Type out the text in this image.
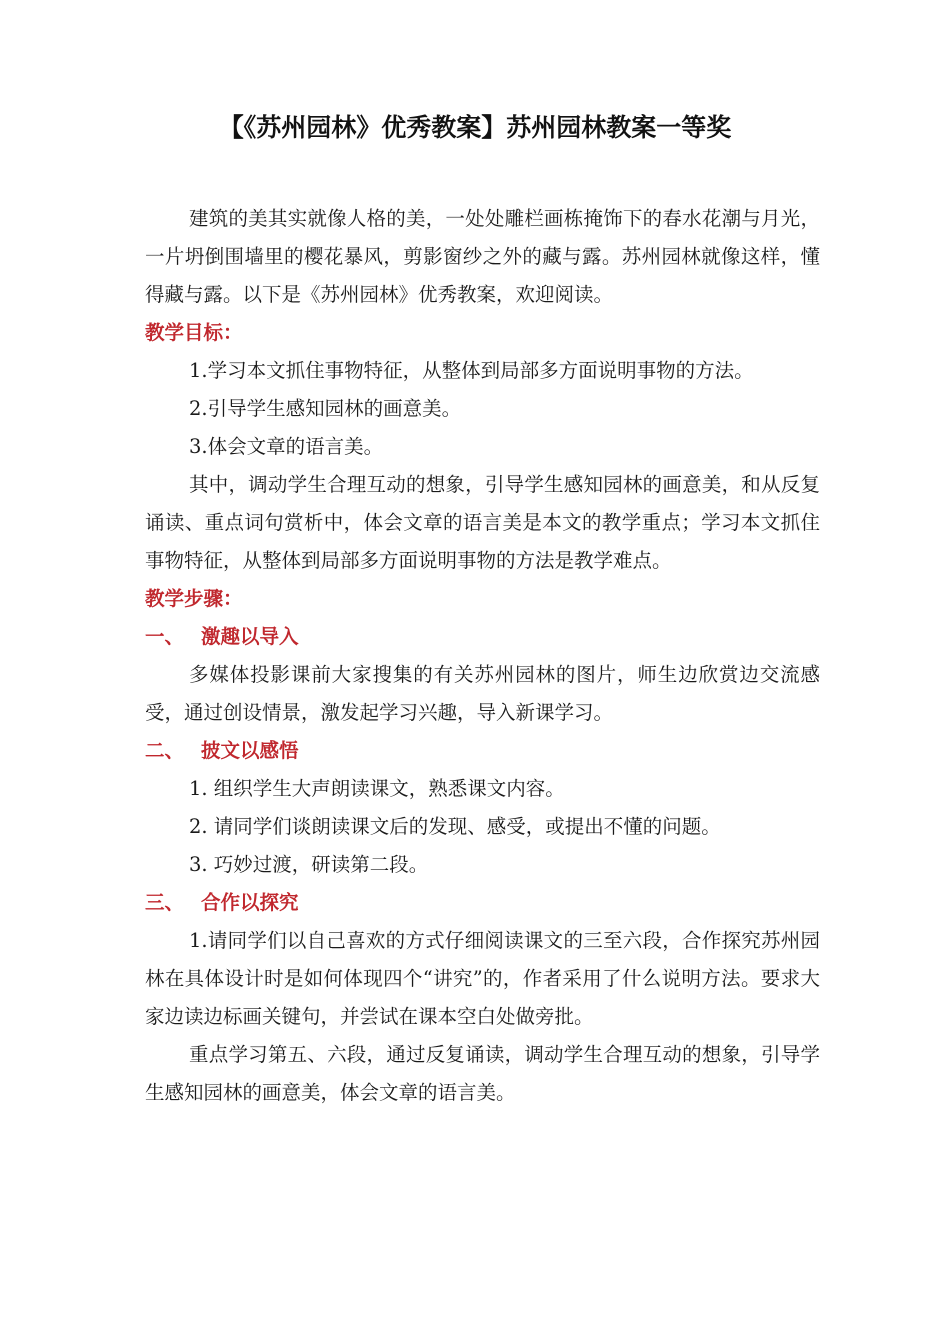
【《苏州园林》优秀教案】苏州园林教案一等奖

建筑的美其实就像人格的美，一处处雕栏画栋掩饰下的春水花潮与月光，一片坍倒围墙里的樱花暴风，剪影窗纱之外的藏与露。苏州园林就像这样，懂得藏与露。以下是《苏州园林》优秀教案，欢迎阅读。

教学目标：

1.学习本文抓住事物特征，从整体到局部多方面说明事物的方法。

2.引导学生感知园林的画意美。

3.体会文章的语言美。

其中，调动学生合理互动的想象，引导学生感知园林的画意美，和从反复诵读、重点词句赏析中，体会文章的语言美是本文的教学重点；学习本文抓住事物特征，从整体到局部多方面说明事物的方法是教学难点。

教学步骤：

一、 激趣以导入

多媒体投影课前大家搜集的有关苏州园林的图片，师生边欣赏边交流感受，通过创设情景，激发起学习兴趣，导入新课学习。

二、 披文以感悟

1. 组织学生大声朗读课文，熟悉课文内容。

2. 请同学们谈朗读课文后的发现、感受，或提出不懂的问题。

3. 巧妙过渡，研读第二段。

三、 合作以探究

1.请同学们以自己喜欢的方式仔细阅读课文的三至六段，合作探究苏州园林在具体设计时是如何体现四个“讲究”的，作者采用了什么说明方法。要求大家边读边标画关键句，并尝试在课本空白处做旁批。

重点学习第五、六段，通过反复诵读，调动学生合理互动的想象，引导学生感知园林的画意美，体会文章的语言美。
